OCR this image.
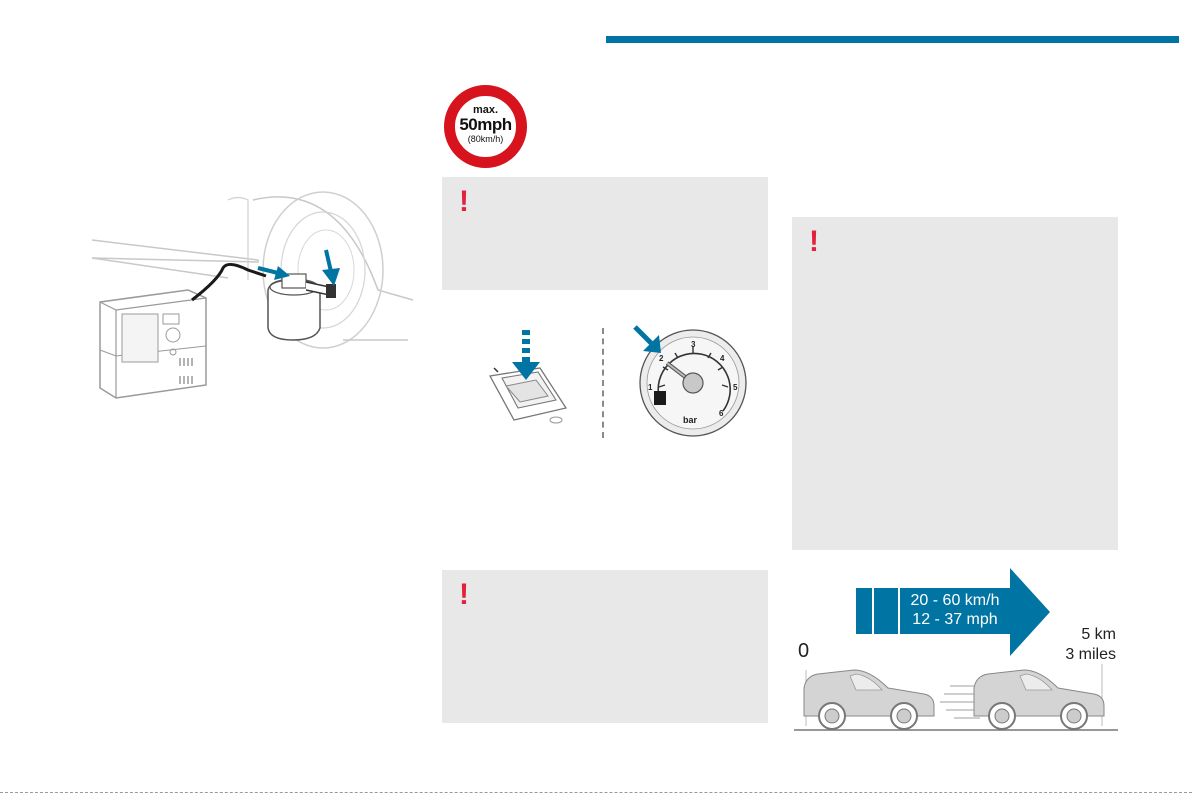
max.
50mph
(80km/h)
!
1
2
3
4
5
6
bar
!
!
20 - 60 km/h
12 - 37 mph
0
5 km
3 miles
